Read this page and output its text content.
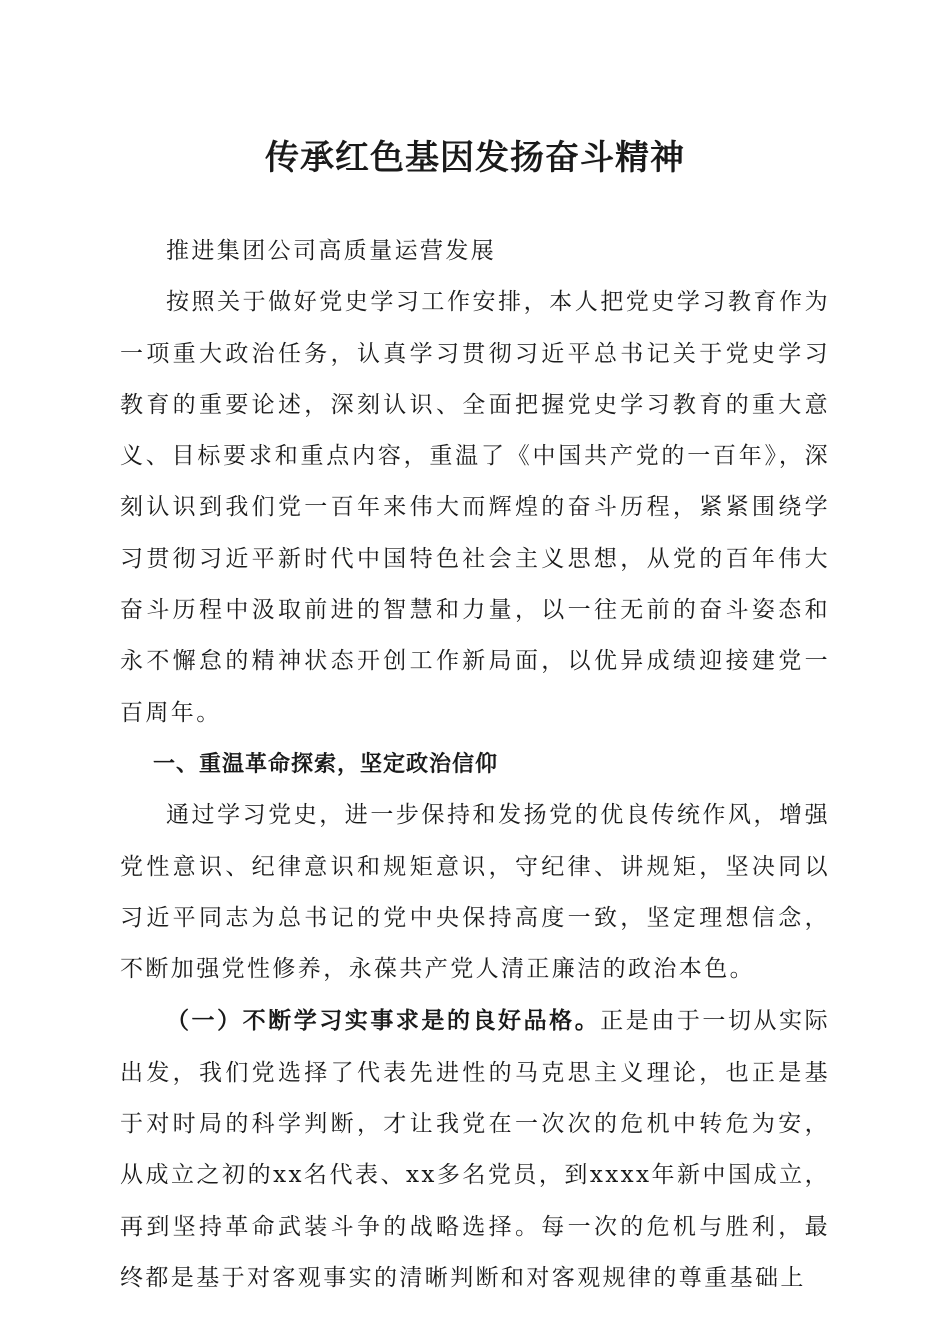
传承红色基因发扬奋斗精神

推进集团公司高质量运营发展

按照关于做好党史学习工作安排，本人把党史学习教育作为一项重大政治任务，认真学习贯彻习近平总书记关于党史学习教育的重要论述，深刻认识、全面把握党史学习教育的重大意义、目标要求和重点内容，重温了《中国共产党的一百年》，深刻认识到我们党一百年来伟大而辉煌的奋斗历程，紧紧围绕学习贯彻习近平新时代中国特色社会主义思想，从党的百年伟大奋斗历程中汲取前进的智慧和力量，以一往无前的奋斗姿态和永不懈怠的精神状态开创工作新局面，以优异成绩迎接建党一百周年。

一、重温革命探索，坚定政治信仰

通过学习党史，进一步保持和发扬党的优良传统作风，增强党性意识、纪律意识和规矩意识，守纪律、讲规矩，坚决同以习近平同志为总书记的党中央保持高度一致，坚定理想信念，不断加强党性修养，永葆共产党人清正廉洁的政治本色。

（一）不断学习实事求是的良好品格。正是由于一切从实际出发，我们党选择了代表先进性的马克思主义理论，也正是基于对时局的科学判断，才让我党在一次次的危机中转危为安，从成立之初的xx名代表、xx多名党员，到xxxx年新中国成立，再到坚持革命武装斗争的战略选择。每一次的危机与胜利，最终都是基于对客观事实的清晰判断和对客观规律的尊重基础上
